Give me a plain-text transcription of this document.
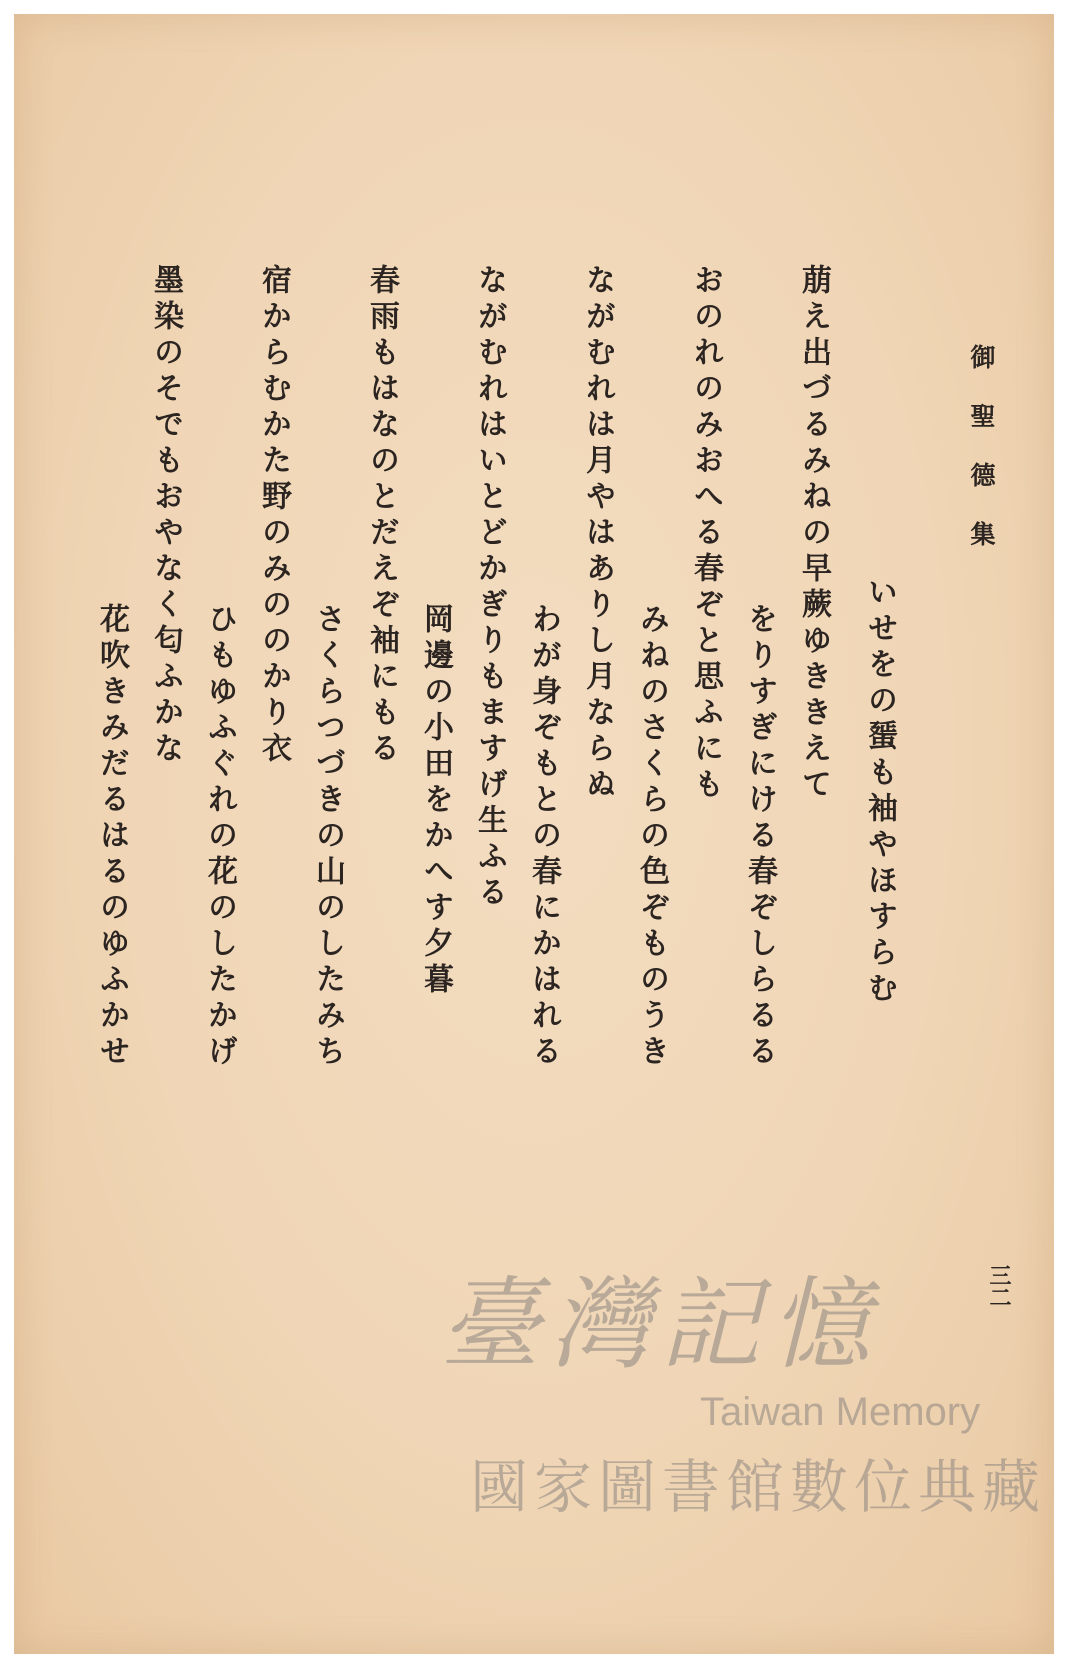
御聖德集
いせをの蜑も袖やほすらむ
萠え出づるみねの早蕨ゆききえて
　　　　をりすぎにける春ぞしらるる
おのれのみおへる春ぞと思ふにも
　　　　みねのさくらの色ぞものうき
ながむれは月やはありし月ならぬ
　　　　わが身ぞもとの春にかはれる
ながむれはいとどかぎりもますげ生ふる
　　　　岡邊の小田をかへす夕暮
春雨もはなのとだえぞ袖にもる
　　　　さくらつづきの山のしたみち
宿からむかた野のみののかり衣
　　　　ひもゆふぐれの花のしたかげ
墨染のそでもおやなく匂ふかな
　　　　花吹きみだるはるのゆふかせ
三二
臺灣記憶
Taiwan Memory
國家圖書館數位典藏
